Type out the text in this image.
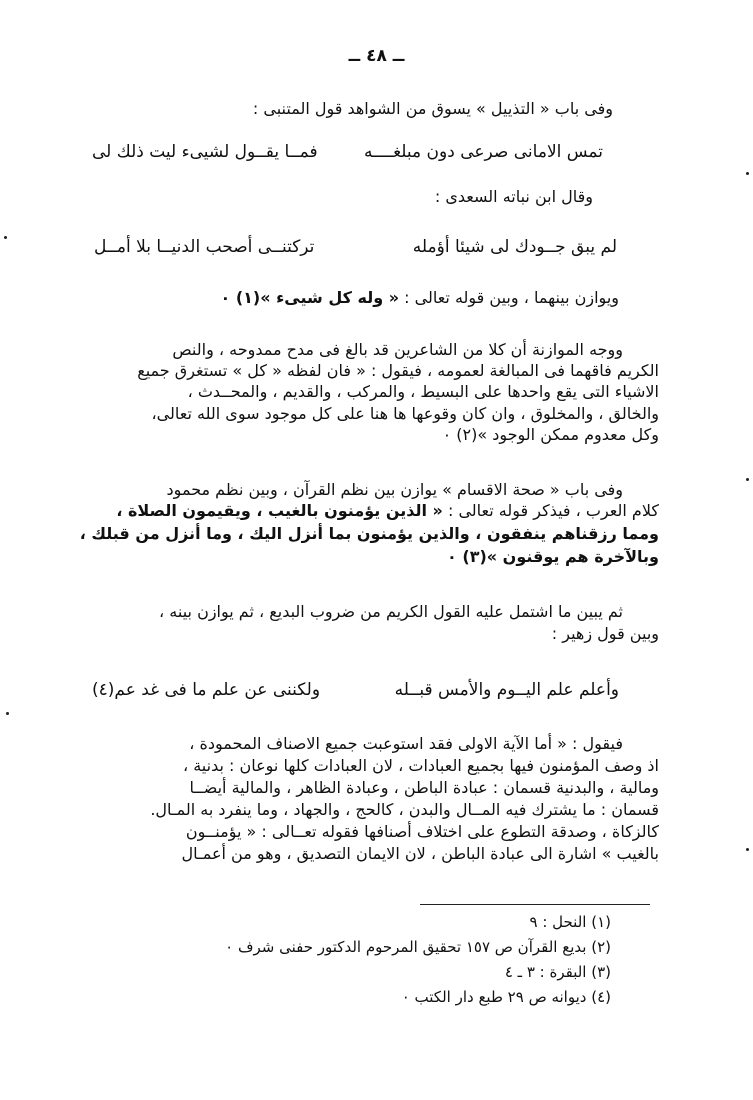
ــ ٤٨ ــ
وفى باب « التذييل » يسوق من الشواهد قول المتنبى :
تمس الامانى صرعى دون مبلغــــه
فمــا يقــول لشيىء ليت ذلك لى
وقال ابن نباته السعدى :
لم يبق جــودك لى شيئا أؤمله
تركتنــى أصحب الدنيــا بلا أمــل
ويوازن بينهما ، وبين قوله تعالى : « وله كل شيىء »(١) ٠
ووجه الموازنة أن كلا من الشاعرين قد بالغ فى مدح ممدوحه ، والنص
الكريم فاقهما فى المبالغة لعمومه ، فيقول : « فان لفظه « كل » تستغرق جميع
الاشياء التى يقع واحدها على البسيط ، والمركب ، والقديم ، والمحــدث ،
والخالق ، والمخلوق ، وان كان وقوعها ها هنا على كل موجود سوى الله تعالى،
وكل معدوم ممكن الوجود »(٢) ٠
وفى باب « صحة الاقسام » يوازن بين نظم القرآن ، وبين نظم محمود
كلام العرب ، فيذكر قوله تعالى : « الذين يؤمنون بالغيب ، ويقيمون الصلاة ،
ومما رزقناهم ينفقون ، والذين يؤمنون بما أنزل اليك ، وما أنزل من قبلك ،
وبالآخرة هم يوقنون »(٣) ٠
ثم يبين ما اشتمل عليه القول الكريم من ضروب البديع ، ثم يوازن بينه ،
وبين قول زهير :
وأعلم علم اليــوم والأمس قبــله
ولكننى عن علم ما فى غد عم(٤)
فيقول : « أما الآية الاولى فقد استوعبت جميع الاصناف المحمودة ،
اذ وصف المؤمنون فيها بجميع العبادات ، لان العبادات كلها نوعان : بدنية ،
ومالية ، والبدنية قسمان : عبادة الباطن ، وعبادة الظاهر ، والمالية أيضــا
قسمان : ما يشترك فيه المــال والبدن ، كالحج ، والجهاد ، وما ينفرد به المـال.
كالزكاة ، وصدقة التطوع على اختلاف أصنافها فقوله تعــالى : « يؤمنــون
بالغيب » اشارة الى عبادة الباطن ، لان الايمان التصديق ، وهو من أعمـال
(١) النحل : ٩
(٢) بديع القرآن ص ١٥٧ تحقيق المرحوم الدكتور حفنى شرف ٠
(٣) البقرة : ٣ ـ ٤
(٤) ديوانه ص ٢٩ طبع دار الكتب ٠
